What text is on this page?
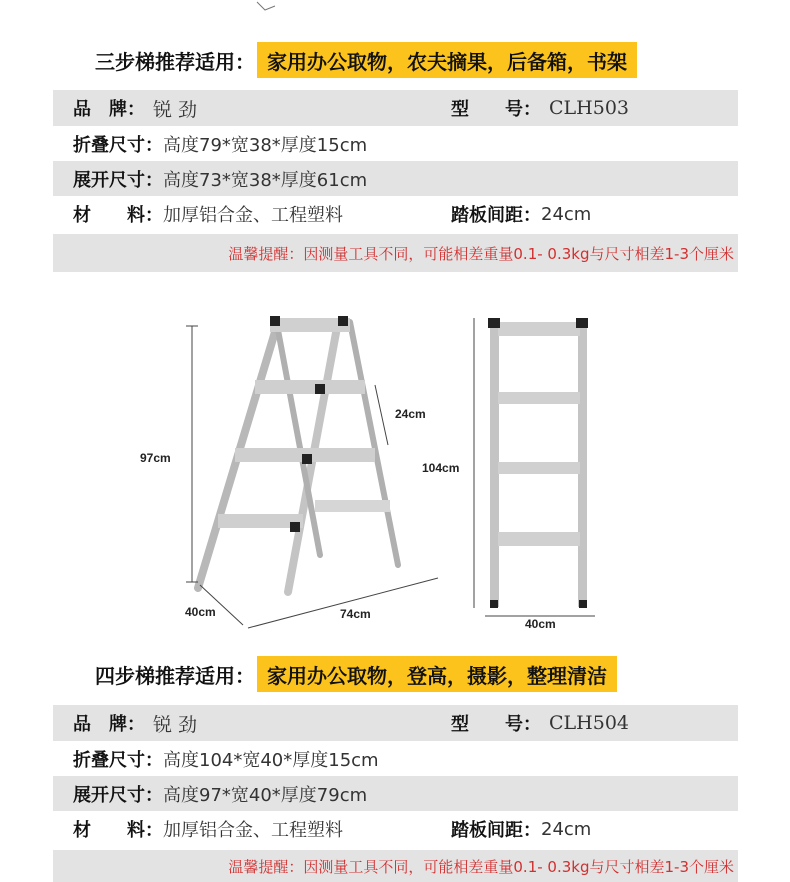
三步梯推荐适用： 家用办公取物，农夫摘果，后备箱，书架
品　牌： 锐 劲	型　　号： CLH503
折叠尺寸： 高度79*宽38*厚度15cm
展开尺寸： 高度73*宽38*厚度61cm
材　　料： 加厚铝合金、工程塑料	踏板间距： 24cm
温馨提醒：因测量工具不同，可能相差重量0.1- 0.3kg与尺寸相差1-3个厘米
97cm
24cm
40cm	74cm
104cm
40cm
四步梯推荐适用： 家用办公取物，登高，摄影，整理清洁
品　牌： 锐 劲	型　　号： CLH504
折叠尺寸： 高度104*宽40*厚度15cm
展开尺寸： 高度97*宽40*厚度79cm
材　　料： 加厚铝合金、工程塑料	踏板间距： 24cm
温馨提醒：因测量工具不同，可能相差重量0.1- 0.3kg与尺寸相差1-3个厘米
